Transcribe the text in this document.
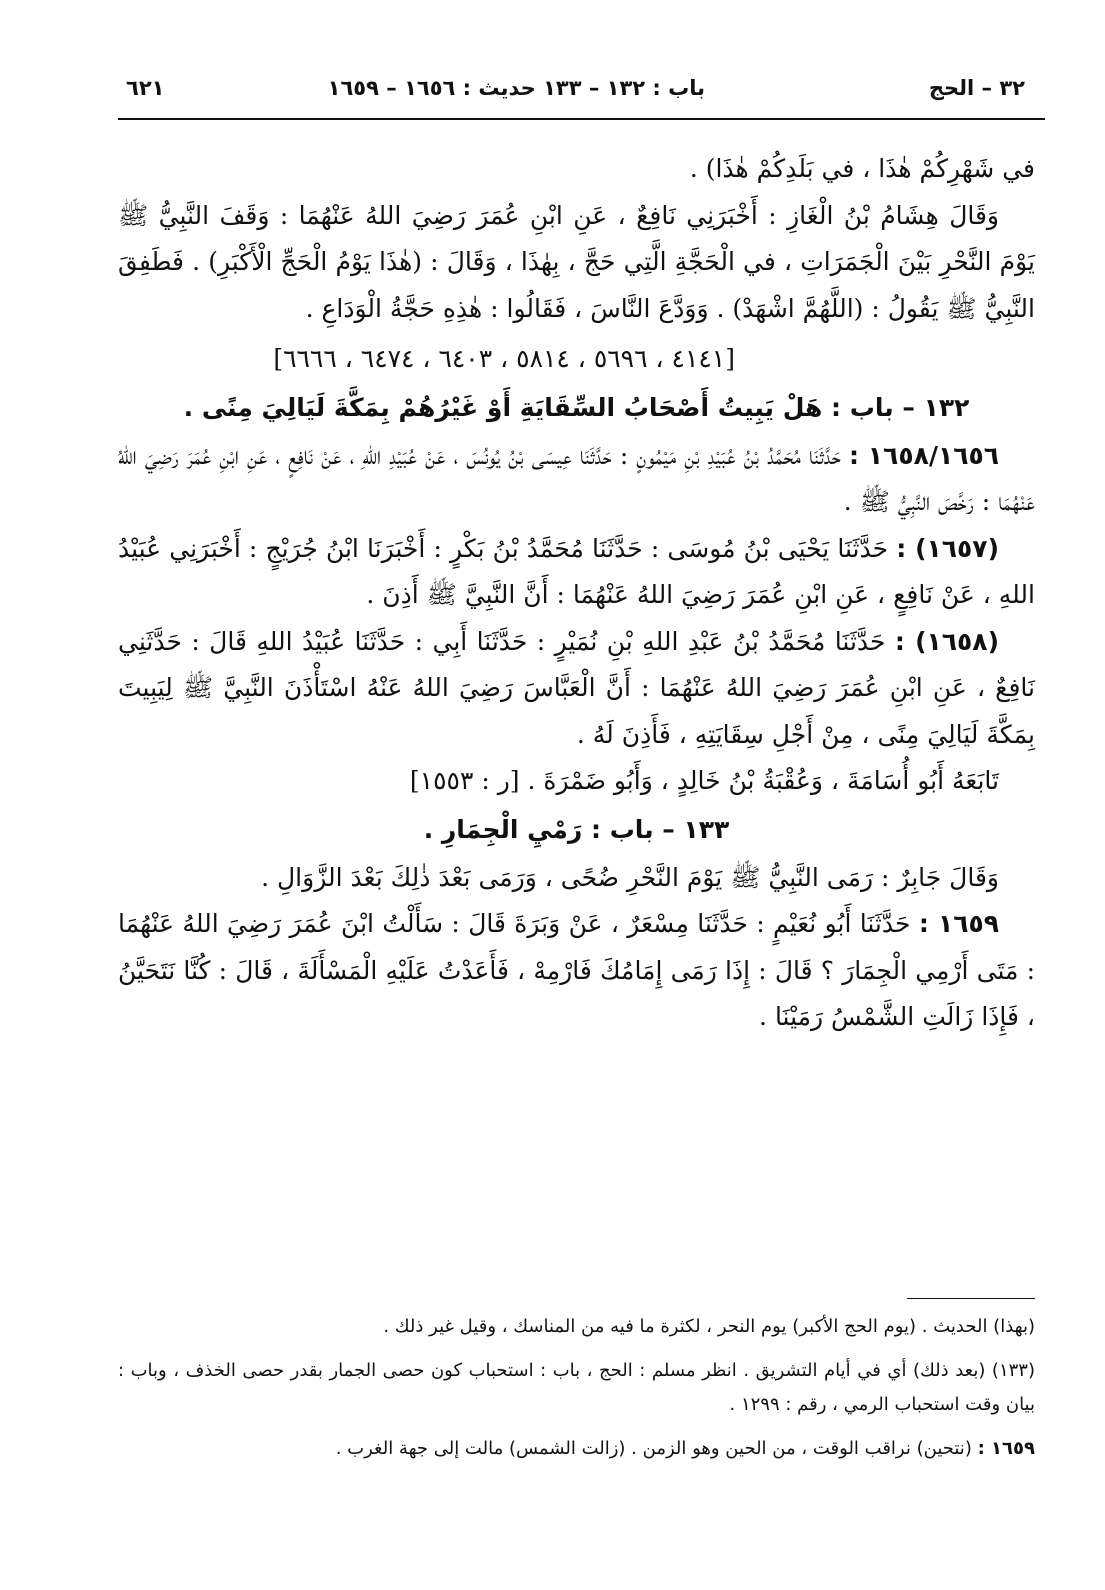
٣٢ – الحج
باب : ١٣٢ – ١٣٣ حديث : ١٦٥٦ – ١٦٥٩
٦٢١

في شَهْرِكُمْ هٰذَا ، في بَلَدِكُمْ هٰذَا) .

وَقَالَ هِشَامُ بْنُ الْغَازِ : أَخْبَرَنِي نَافِعٌ ، عَنِ ابْنِ عُمَرَ رَضِيَ اللهُ عَنْهُمَا : وَقَفَ النَّبِيُّ ﷺ يَوْمَ النَّحْرِ بَيْنَ الْجَمَرَاتِ ، في الْحَجَّةِ الَّتِي حَجَّ ، بِهٰذَا ، وَقَالَ : (هٰذَا يَوْمُ الْحَجِّ الْأَكْبَرِ) . فَطَفِقَ النَّبِيُّ ﷺ يَقُولُ : (اللَّهُمَّ اشْهَدْ) . وَوَدَّعَ النَّاسَ ، فَقَالُوا : هٰذِهِ حَجَّةُ الْوَدَاعِ .

[٤١٤١ ، ٥٦٩٦ ، ٥٨١٤ ، ٦٤٠٣ ، ٦٤٧٤ ، ٦٦٦٦]

١٣٢ – باب : هَلْ يَبِيتُ أَصْحَابُ السِّقَايَةِ أَوْ غَيْرُهُمْ بِمَكَّةَ لَيَالِيَ مِنًى .

١٦٥٨/١٦٥٦ : حَدَّثَنَا مُحَمَّدُ بْنُ عُبَيْدِ بْنِ مَيْمُونٍ : حَدَّثَنَا عِيسَى بْنُ يُونُسَ ، عَنْ عُبَيْدِ اللهِ ، عَنْ نَافِعٍ ، عَنِ ابْنِ عُمَرَ رَضِيَ اللهُ عَنْهُمَا : رَخَّصَ النَّبِيُّ ﷺ .

(١٦٥٧) : حَدَّثَنَا يَحْيَى بْنُ مُوسَى : حَدَّثَنَا مُحَمَّدُ بْنُ بَكْرٍ : أَخْبَرَنَا ابْنُ جُرَيْجٍ : أَخْبَرَنِي عُبَيْدُ اللهِ ، عَنْ نَافِعٍ ، عَنِ ابْنِ عُمَرَ رَضِيَ اللهُ عَنْهُمَا : أَنَّ النَّبِيَّ ﷺ أَذِنَ .

(١٦٥٨) : حَدَّثَنَا مُحَمَّدُ بْنُ عَبْدِ اللهِ بْنِ نُمَيْرٍ : حَدَّثَنَا أَبِي : حَدَّثَنَا عُبَيْدُ اللهِ قَالَ : حَدَّثَنِي نَافِعٌ ، عَنِ ابْنِ عُمَرَ رَضِيَ اللهُ عَنْهُمَا : أَنَّ الْعَبَّاسَ رَضِيَ اللهُ عَنْهُ اسْتَأْذَنَ النَّبِيَّ ﷺ لِيَبِيتَ بِمَكَّةَ لَيَالِيَ مِنًى ، مِنْ أَجْلِ سِقَايَتِهِ ، فَأَذِنَ لَهُ .

تَابَعَهُ أَبُو أُسَامَةَ ، وَعُقْبَةُ بْنُ خَالِدٍ ، وَأَبُو ضَمْرَةَ . [ر : ١٥٥٣]

١٣٣ – باب : رَمْيِ الْجِمَارِ .

وَقَالَ جَابِرٌ : رَمَى النَّبِيُّ ﷺ يَوْمَ النَّحْرِ ضُحًى ، وَرَمَى بَعْدَ ذٰلِكَ بَعْدَ الزَّوَالِ .

١٦٥٩ : حَدَّثَنَا أَبُو نُعَيْمٍ : حَدَّثَنَا مِسْعَرٌ ، عَنْ وَبَرَةَ قَالَ : سَأَلْتُ ابْنَ عُمَرَ رَضِيَ اللهُ عَنْهُمَا : مَتَى أَرْمِي الْجِمَارَ ؟ قَالَ : إِذَا رَمَى إِمَامُكَ فَارْمِهْ ، فَأَعَدْتُ عَلَيْهِ الْمَسْأَلَةَ ، قَالَ : كُنَّا نَتَحَيَّنُ ، فَإِذَا زَالَتِ الشَّمْسُ رَمَيْنَا .

(بهذا) الحديث . (يوم الحج الأكبر) يوم النحر ، لكثرة ما فيه من المناسك ، وقيل غير ذلك .

(١٣٣) (بعد ذلك) أي في أيام التشريق . انظر مسلم : الحج ، باب : استحباب كون حصى الجمار بقدر حصى الخذف ، وباب : بيان وقت استحباب الرمي ، رقم : ١٢٩٩ .

١٦٥٩ : (نتحين) نراقب الوقت ، من الحين وهو الزمن . (زالت الشمس) مالت إلى جهة الغرب .
